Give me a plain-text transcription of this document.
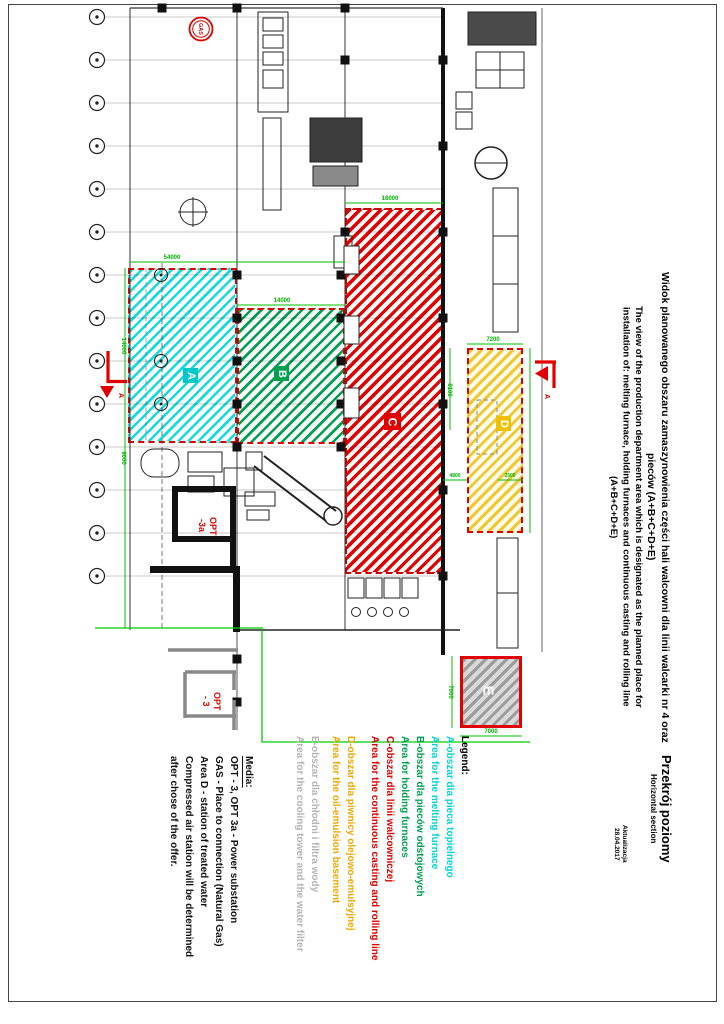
54000
14000
18000
14000
9000
7200
8100
4800	2500
7000
7000
A	A
GAS
A	B
C	D
E
OPT
-3a
OPT
- 3	Widok planowanego obszaru zamaszynowienia części hali walcowni dla linii walcarki nr 4 oraz
pieców (A+B+C+D+E)
The view of the production department area which is designated as the planned place for
installation of: melting furnace, holding furnaces and continuous casting and rolling line
(A+B+C+D+E)
Przekrój poziomy
Horizontal section
Aktualizacja
28.04.2017
Legend:
A-obszar dla pieca topielnego
Area for the melting furnace
B-obszar dla pieców odstojowych
Area for holding furnaces
C-obszar dla linii walcowniczej
Area for the continuous casting and rolling line
D-obszar dla piwnicy olejowo-emulsyjnej
Area for the oil-emulsion basement
E-obszar dla chłodni i filtra wody
Area for the cooling tower and the water filter
Media:
OPT - 3, OPT 3a - Power substation
GAS - Place to connection (Natural Gas)
Area D - station of treated water
Compressed air station will be determined
after chose of the offer.
